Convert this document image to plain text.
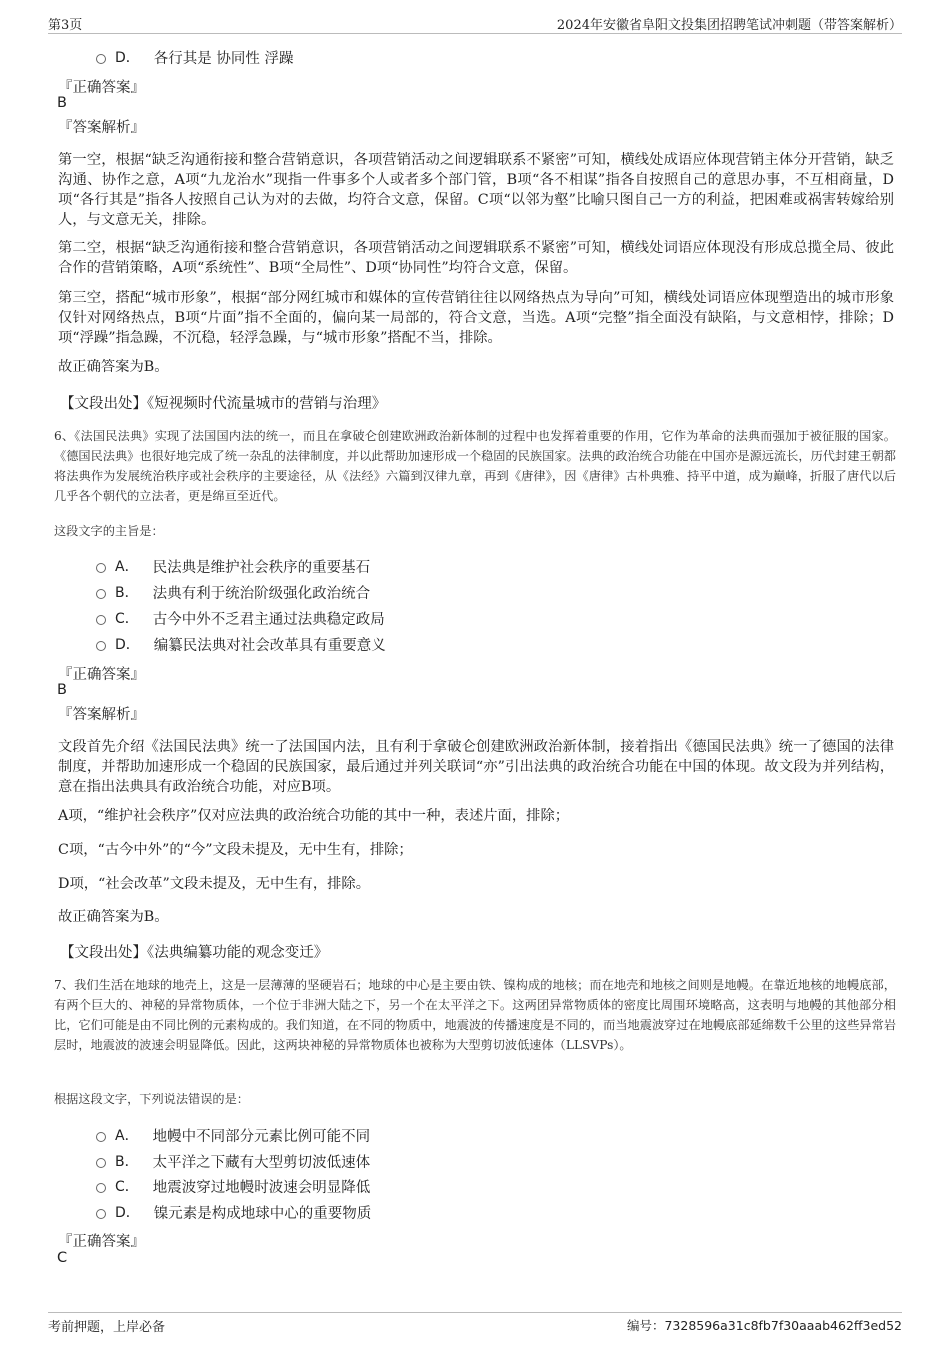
第3页	2024年安徽省阜阳文投集团招聘笔试冲刺题（带答案解析）
D． 各行其是 协同性 浮躁
『正确答案』
B
『答案解析』
第一空，根据“缺乏沟通衔接和整合营销意识，各项营销活动之间逻辑联系不紧密”可知，横线处成语应体现营销主体分开营销，缺乏沟通、协作之意，A项“九龙治水”现指一件事多个人或者多个部门管，B项“各不相谋”指各自按照自己的意思办事，不互相商量，D项“各行其是”指各人按照自己认为对的去做，均符合文意，保留。C项“以邻为壑”比喻只图自己一方的利益，把困难或祸害转嫁给别人，与文意无关，排除。
第二空，根据“缺乏沟通衔接和整合营销意识，各项营销活动之间逻辑联系不紧密”可知，横线处词语应体现没有形成总揽全局、彼此合作的营销策略，A项“系统性”、B项“全局性”、D项“协同性”均符合文意，保留。
第三空，搭配“城市形象”，根据“部分网红城市和媒体的宣传营销往往以网络热点为导向”可知，横线处词语应体现塑造出的城市形象仅针对网络热点，B项“片面”指不全面的，偏向某一局部的，符合文意，当选。A项“完整”指全面没有缺陷，与文意相悖，排除；D项“浮躁”指急躁，不沉稳，轻浮急躁，与“城市形象”搭配不当，排除。
故正确答案为B。
【文段出处】《短视频时代流量城市的营销与治理》
6、《法国民法典》实现了法国国内法的统一，而且在拿破仑创建欧洲政治新体制的过程中也发挥着重要的作用，它作为革命的法典而强加于被征服的国家。《德国民法典》也很好地完成了统一杂乱的法律制度，并以此帮助加速形成一个稳固的民族国家。法典的政治统合功能在中国亦是源远流长，历代封建王朝都将法典作为发展统治秩序或社会秩序的主要途径，从《法经》六篇到汉律九章，再到《唐律》，因《唐律》古朴典雅、持平中道，成为巅峰，折服了唐代以后几乎各个朝代的立法者，更是绵亘至近代。
这段文字的主旨是：
A． 民法典是维护社会秩序的重要基石
B． 法典有利于统治阶级强化政治统合
C． 古今中外不乏君主通过法典稳定政局
D． 编纂民法典对社会改革具有重要意义
『正确答案』
B
『答案解析』
文段首先介绍《法国民法典》统一了法国国内法，且有利于拿破仑创建欧洲政治新体制，接着指出《德国民法典》统一了德国的法律制度，并帮助加速形成一个稳固的民族国家，最后通过并列关联词“亦”引出法典的政治统合功能在中国的体现。故文段为并列结构，意在指出法典具有政治统合功能，对应B项。
A项，“维护社会秩序”仅对应法典的政治统合功能的其中一种，表述片面，排除；
C项，“古今中外”的“今”文段未提及，无中生有，排除；
D项，“社会改革”文段未提及，无中生有，排除。
故正确答案为B。
【文段出处】《法典编纂功能的观念变迁》
7、我们生活在地球的地壳上，这是一层薄薄的坚硬岩石；地球的中心是主要由铁、镍构成的地核；而在地壳和地核之间则是地幔。在靠近地核的地幔底部，有两个巨大的、神秘的异常物质体，一个位于非洲大陆之下，另一个在太平洋之下。这两团异常物质体的密度比周围环境略高，这表明与地幔的其他部分相比，它们可能是由不同比例的元素构成的。我们知道，在不同的物质中，地震波的传播速度是不同的，而当地震波穿过在地幔底部延绵数千公里的这些异常岩层时，地震波的波速会明显降低。因此，这两块神秘的异常物质体也被称为大型剪切波低速体（LLSVPs）。
根据这段文字，下列说法错误的是：
A． 地幔中不同部分元素比例可能不同
B． 太平洋之下藏有大型剪切波低速体
C． 地震波穿过地幔时波速会明显降低
D． 镍元素是构成地球中心的重要物质
『正确答案』
C
考前押题，上岸必备	编号：7328596a31c8fb7f30aaab462ff3ed52
